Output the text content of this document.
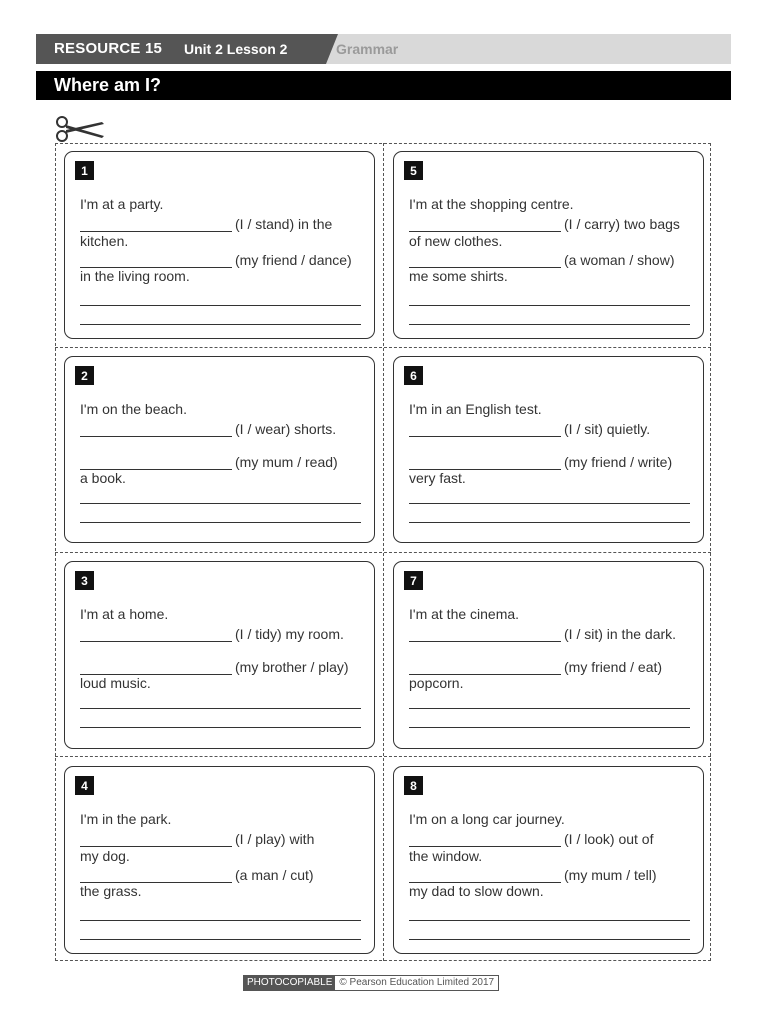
RESOURCE 15 Unit 2 Lesson 2	Grammar
Where am I?
1
I'm at a party.
(I / stand) in the
kitchen.
(my friend / dance)
in the living room.
2
I'm on the beach.
(I / wear) shorts.
(my mum / read)
a book.
3
I'm at a home.
(I / tidy) my room.
(my brother / play)
loud music.
4
I'm in the park.
(I / play) with
my dog.
(a man / cut)
the grass.
5
I'm at the shopping centre.
(I / carry) two bags
of new clothes.
(a woman / show)
me some shirts.
6
I'm in an English test.
(I / sit) quietly.
(my friend / write)
very fast.
7
I'm at the cinema.
(I / sit) in the dark.
(my friend / eat)
popcorn.
8
I'm on a long car journey.
(I / look) out of
the window.
(my mum / tell)
my dad to slow down.
PHOTOCOPIABLE © Pearson Education Limited 2017
